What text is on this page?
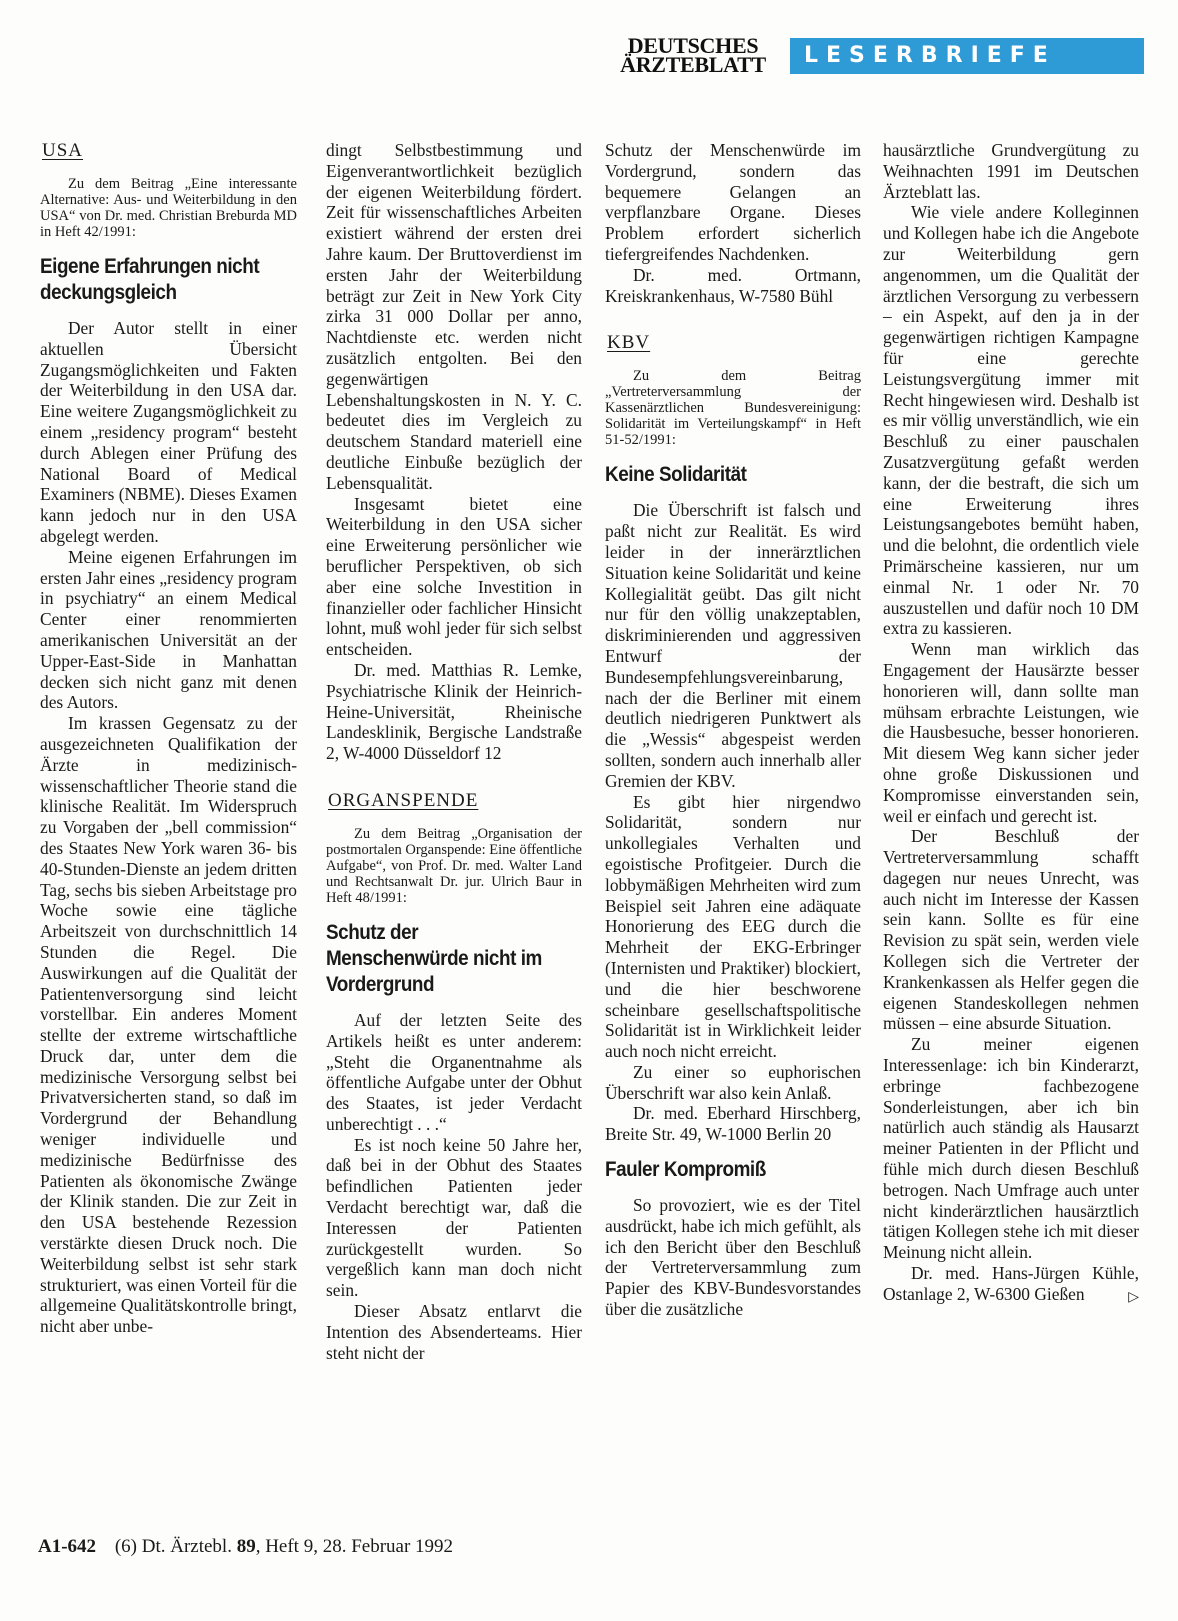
DEUTSCHES
ÄRZTEBLATT	LESERBRIEFE
USA
Zu dem Beitrag „Eine interessante Alternative: Aus- und Weiterbildung in den USA“ von Dr. med. Christian Breburda MD in Heft 42/1991:
Eigene Erfahrungen nicht deckungsgleich

Der Autor stellt in einer aktuellen Übersicht Zugangsmöglichkeiten und Fakten der Weiterbildung in den USA dar. Eine weitere Zugangsmöglichkeit zu einem „residency program“ besteht durch Ablegen einer Prüfung des National Board of Medical Examiners (NBME). Dieses Examen kann jedoch nur in den USA abgelegt werden.

Meine eigenen Erfahrungen im ersten Jahr eines „residency program in psychiatry“ an einem Medical Center einer renommierten amerikanischen Universität an der Upper-East-Side in Manhattan decken sich nicht ganz mit denen des Autors.

Im krassen Gegensatz zu der ausgezeichneten Qualifikation der Ärzte in medizinisch-wissenschaftlicher Theorie stand die klinische Realität. Im Widerspruch zu Vorgaben der „bell commission“ des Staates New York waren 36- bis 40-Stunden-Dienste an jedem dritten Tag, sechs bis sieben Arbeitstage pro Woche sowie eine tägliche Arbeitszeit von durchschnittlich 14 Stunden die Regel. Die Auswirkungen auf die Qualität der Patientenversorgung sind leicht vorstellbar. Ein anderes Moment stellte der extreme wirtschaftliche Druck dar, unter dem die medizinische Versorgung selbst bei Privatversicherten stand, so daß im Vordergrund der Behandlung weniger individuelle und medizinische Bedürfnisse des Patienten als ökonomische Zwänge der Klinik standen. Die zur Zeit in den USA bestehende Rezession verstärkte diesen Druck noch. Die Weiterbildung selbst ist sehr stark strukturiert, was einen Vorteil für die allgemeine Qualitätskontrolle bringt, nicht aber unbe-

dingt Selbstbestimmung und Eigenverantwortlichkeit bezüglich der eigenen Weiterbildung fördert. Zeit für wissenschaftliches Arbeiten existiert während der ersten drei Jahre kaum. Der Bruttoverdienst im ersten Jahr der Weiterbildung beträgt zur Zeit in New York City zirka 31 000 Dollar per anno, Nachtdienste etc. werden nicht zusätzlich entgolten. Bei den gegenwärtigen Lebenshaltungskosten in N. Y. C. bedeutet dies im Vergleich zu deutschem Standard materiell eine deutliche Einbuße bezüglich der Lebensqualität.

Insgesamt bietet eine Weiterbildung in den USA sicher eine Erweiterung persönlicher wie beruflicher Perspektiven, ob sich aber eine solche Investition in finanzieller oder fachlicher Hinsicht lohnt, muß wohl jeder für sich selbst entscheiden.

Dr. med. Matthias R. Lemke, Psychiatrische Klinik der Heinrich-Heine-Universität, Rheinische Landesklinik, Bergische Landstraße 2, W-4000 Düsseldorf 12

ORGANSPENDE
Zu dem Beitrag „Organisation der postmortalen Organspende: Eine öffentliche Aufgabe“, von Prof. Dr. med. Walter Land und Rechtsanwalt Dr. jur. Ulrich Baur in Heft 48/1991:
Schutz der Menschenwürde nicht im Vordergrund

Auf der letzten Seite des Artikels heißt es unter anderem: „Steht die Organentnahme als öffentliche Aufgabe unter der Obhut des Staates, ist jeder Verdacht unberechtigt . . .“

Es ist noch keine 50 Jahre her, daß bei in der Obhut des Staates befindlichen Patienten jeder Verdacht berechtigt war, daß die Interessen der Patienten zurückgestellt wurden. So vergeßlich kann man doch nicht sein.

Dieser Absatz entlarvt die Intention des Absenderteams. Hier steht nicht der

Schutz der Menschenwürde im Vordergrund, sondern das bequemere Gelangen an verpflanzbare Organe. Dieses Problem erfordert sicherlich tiefergreifendes Nachdenken.

Dr. med. Ortmann, Kreiskrankenhaus, W-7580 Bühl

KBV
Zu dem Beitrag „Vertreterversammlung der Kassenärztlichen Bundesvereinigung: Solidarität im Verteilungskampf“ in Heft 51-52/1991:
Keine Solidarität

Die Überschrift ist falsch und paßt nicht zur Realität. Es wird leider in der innerärztlichen Situation keine Solidarität und keine Kollegialität geübt. Das gilt nicht nur für den völlig unakzeptablen, diskriminierenden und aggressiven Entwurf der Bundesempfehlungsvereinbarung, nach der die Berliner mit einem deutlich niedrigeren Punktwert als die „Wessis“ abgespeist werden sollten, sondern auch innerhalb aller Gremien der KBV.

Es gibt hier nirgendwo Solidarität, sondern nur unkollegiales Verhalten und egoistische Profitgeier. Durch die lobbymäßigen Mehrheiten wird zum Beispiel seit Jahren eine adäquate Honorierung des EEG durch die Mehrheit der EKG-Erbringer (Internisten und Praktiker) blockiert, und die hier beschworene scheinbare gesellschaftspolitische Solidarität ist in Wirklichkeit leider auch noch nicht erreicht.

Zu einer so euphorischen Überschrift war also kein Anlaß.

Dr. med. Eberhard Hirschberg, Breite Str. 49, W-1000 Berlin 20

Fauler Kompromiß

So provoziert, wie es der Titel ausdrückt, habe ich mich gefühlt, als ich den Bericht über den Beschluß der Vertreterversammlung zum Papier des KBV-Bundesvorstandes über die zusätzliche

hausärztliche Grundvergütung zu Weihnachten 1991 im Deutschen Ärzteblatt las.

Wie viele andere Kolleginnen und Kollegen habe ich die Angebote zur Weiterbildung gern angenommen, um die Qualität der ärztlichen Versorgung zu verbessern – ein Aspekt, auf den ja in der gegenwärtigen richtigen Kampagne für eine gerechte Leistungsvergütung immer mit Recht hingewiesen wird. Deshalb ist es mir völlig unverständlich, wie ein Beschluß zu einer pauschalen Zusatzvergütung gefaßt werden kann, der die bestraft, die sich um eine Erweiterung ihres Leistungsangebotes bemüht haben, und die belohnt, die ordentlich viele Primärscheine kassieren, nur um einmal Nr. 1 oder Nr. 70 auszustellen und dafür noch 10 DM extra zu kassieren.

Wenn man wirklich das Engagement der Hausärzte besser honorieren will, dann sollte man mühsam erbrachte Leistungen, wie die Hausbesuche, besser honorieren. Mit diesem Weg kann sicher jeder ohne große Diskussionen und Kompromisse einverstanden sein, weil er einfach und gerecht ist.

Der Beschluß der Vertreterversammlung schafft dagegen nur neues Unrecht, was auch nicht im Interesse der Kassen sein kann. Sollte es für eine Revision zu spät sein, werden viele Kollegen sich die Vertreter der Krankenkassen als Helfer gegen die eigenen Standeskollegen nehmen müssen – eine absurde Situation.

Zu meiner eigenen Interessenlage: ich bin Kinderarzt, erbringe fachbezogene Sonderleistungen, aber ich bin natürlich auch ständig als Hausarzt meiner Patienten in der Pflicht und fühle mich durch diesen Beschluß betrogen. Nach Umfrage auch unter nicht kinderärztlichen hausärztlich tätigen Kollegen stehe ich mit dieser Meinung nicht allein.

Dr. med. Hans-Jürgen Kühle, Ostanlage 2, W-6300 Gießen	▷

A1-642 (6) Dt. Ärztebl. 89, Heft 9, 28. Februar 1992
